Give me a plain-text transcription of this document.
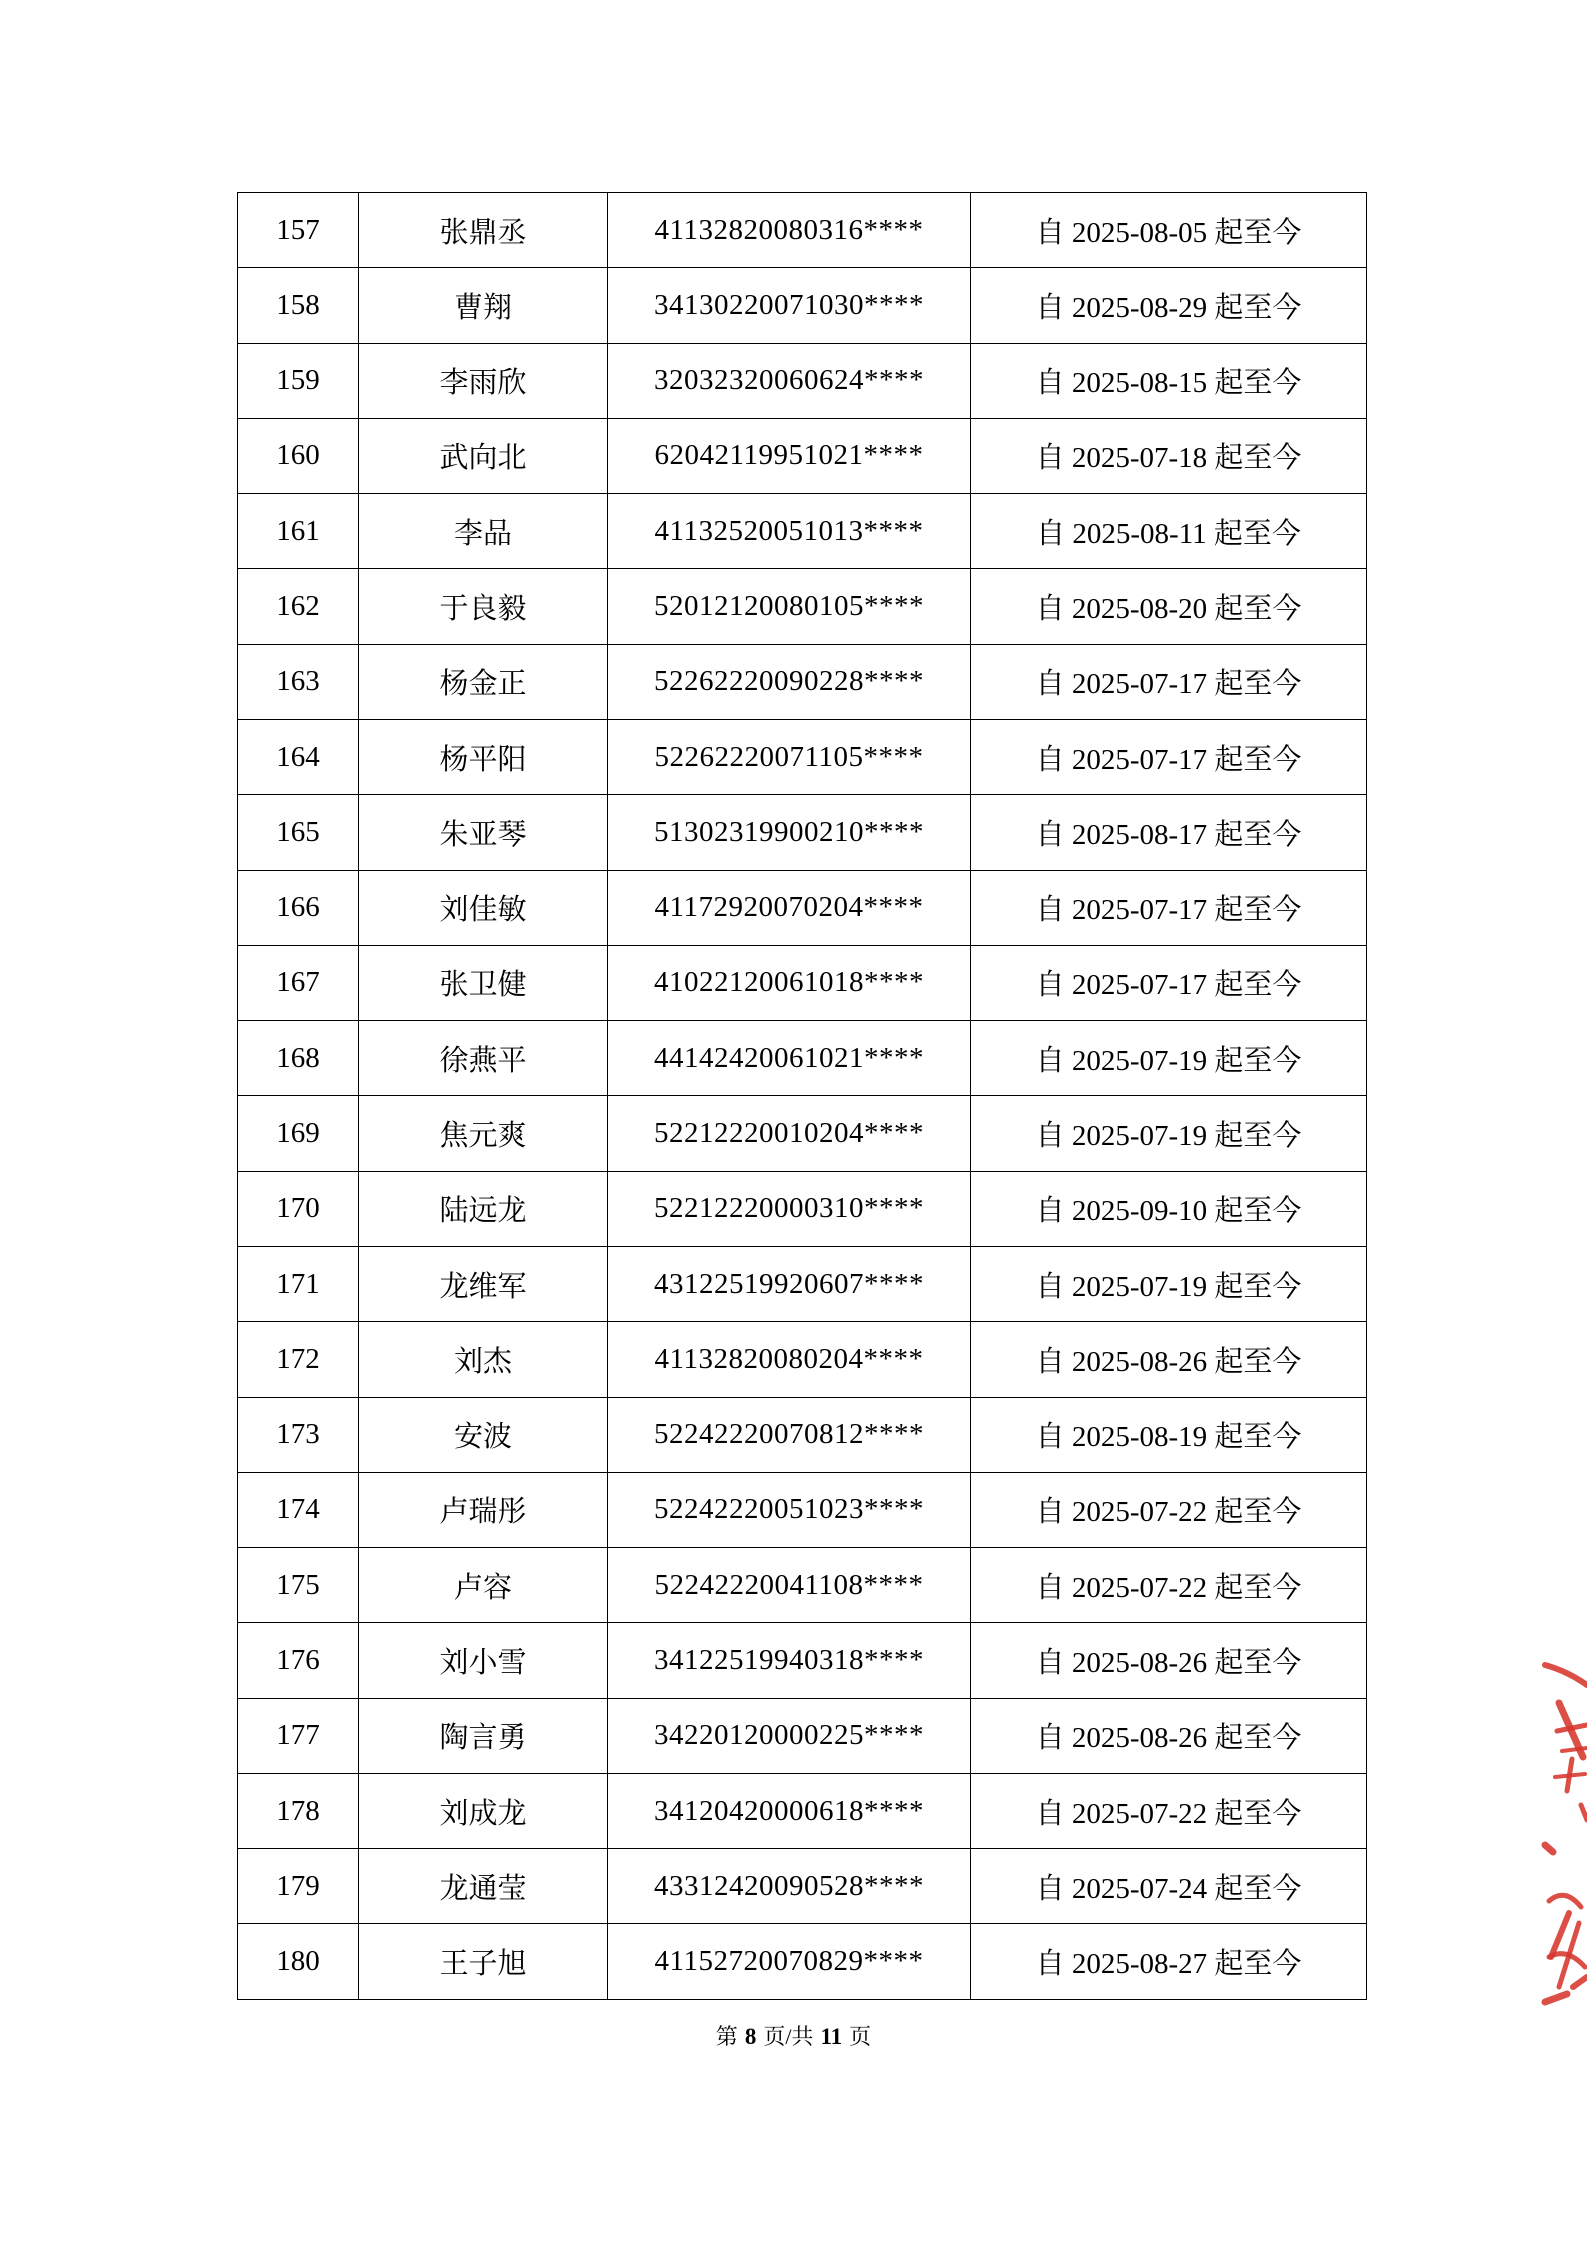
157	张鼎丞	41132820080316****	自 2025-08-05 起至今
158	曹翔	34130220071030****	自 2025-08-29 起至今
159	李雨欣	32032320060624****	自 2025-08-15 起至今
160	武向北	62042119951021****	自 2025-07-18 起至今
161	李品	41132520051013****	自 2025-08-11 起至今
162	于良毅	52012120080105****	自 2025-08-20 起至今
163	杨金正	52262220090228****	自 2025-07-17 起至今
164	杨平阳	52262220071105****	自 2025-07-17 起至今
165	朱亚琴	51302319900210****	自 2025-08-17 起至今
166	刘佳敏	41172920070204****	自 2025-07-17 起至今
167	张卫健	41022120061018****	自 2025-07-17 起至今
168	徐燕平	44142420061021****	自 2025-07-19 起至今
169	焦元爽	52212220010204****	自 2025-07-19 起至今
170	陆远龙	52212220000310****	自 2025-09-10 起至今
171	龙维军	43122519920607****	自 2025-07-19 起至今
172	刘杰	41132820080204****	自 2025-08-26 起至今
173	安波	52242220070812****	自 2025-08-19 起至今
174	卢瑞彤	52242220051023****	自 2025-07-22 起至今
175	卢容	52242220041108****	自 2025-07-22 起至今
176	刘小雪	34122519940318****	自 2025-08-26 起至今
177	陶言勇	34220120000225****	自 2025-08-26 起至今
178	刘成龙	34120420000618****	自 2025-07-22 起至今
179	龙通莹	43312420090528****	自 2025-07-24 起至今
180	王子旭	41152720070829****	自 2025-08-27 起至今
第 8 页/共 11 页
